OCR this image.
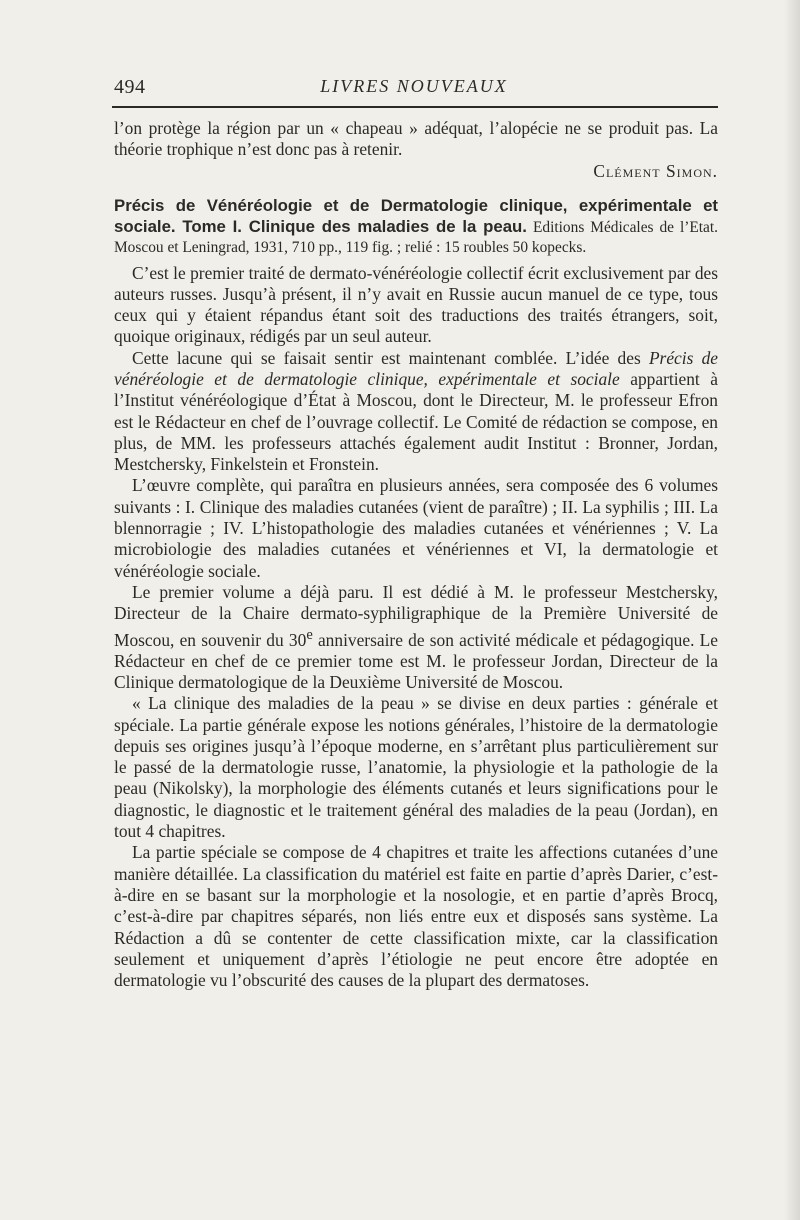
494	LIVRES NOUVEAUX

l’on protège la région par un « chapeau » adéquat, l’alopécie ne se produit pas. La théorie trophique n’est donc pas à retenir.

Clément Simon.

Précis de Vénéréologie et de Dermatologie clinique, expérimentale et sociale. Tome I. Clinique des maladies de la peau. Editions Médicales de l’Etat. Moscou et Leningrad, 1931, 710 pp., 119 fig. ; relié : 15 roubles 50 kopecks.

C’est le premier traité de dermato-vénéréologie collectif écrit exclusivement par des auteurs russes. Jusqu’à présent, il n’y avait en Russie aucun manuel de ce type, tous ceux qui y étaient répandus étant soit des traductions des traités étrangers, soit, quoique originaux, rédigés par un seul auteur.

Cette lacune qui se faisait sentir est maintenant comblée. L’idée des Précis de vénéréologie et de dermatologie clinique, expérimentale et sociale appartient à l’Institut vénéréologique d’État à Moscou, dont le Directeur, M. le professeur Efron est le Rédacteur en chef de l’ouvrage collectif. Le Comité de rédaction se compose, en plus, de MM. les professeurs attachés également audit Institut : Bronner, Jordan, Mestchersky, Finkelstein et Fronstein.

L’œuvre complète, qui paraîtra en plusieurs années, sera composée des 6 volumes suivants : I. Clinique des maladies cutanées (vient de paraître) ; II. La syphilis ; III. La blennorragie ; IV. L’histopathologie des maladies cutanées et vénériennes ; V. La microbiologie des maladies cutanées et vénériennes et VI, la dermatologie et vénéréologie sociale.

Le premier volume a déjà paru. Il est dédié à M. le professeur Mestchersky, Directeur de la Chaire dermato-syphiligraphique de la Première Université de Moscou, en souvenir du 30e anniversaire de son activité médicale et pédagogique. Le Rédacteur en chef de ce premier tome est M. le professeur Jordan, Directeur de la Clinique dermatologique de la Deuxième Université de Moscou.

« La clinique des maladies de la peau » se divise en deux parties : générale et spéciale. La partie générale expose les notions générales, l’histoire de la dermatologie depuis ses origines jusqu’à l’époque moderne, en s’arrêtant plus particulièrement sur le passé de la dermatologie russe, l’anatomie, la physiologie et la pathologie de la peau (Nikolsky), la morphologie des éléments cutanés et leurs significations pour le diagnostic, le diagnostic et le traitement général des maladies de la peau (Jordan), en tout 4 chapitres.

La partie spéciale se compose de 4 chapitres et traite les affections cutanées d’une manière détaillée. La classification du matériel est faite en partie d’après Darier, c’est-à-dire en se basant sur la morphologie et la nosologie, et en partie d’après Brocq, c’est-à-dire par chapitres séparés, non liés entre eux et disposés sans système. La Rédaction a dû se contenter de cette classification mixte, car la classification seulement et uniquement d’après l’étiologie ne peut encore être adoptée en dermatologie vu l’obscurité des causes de la plupart des dermatoses.
